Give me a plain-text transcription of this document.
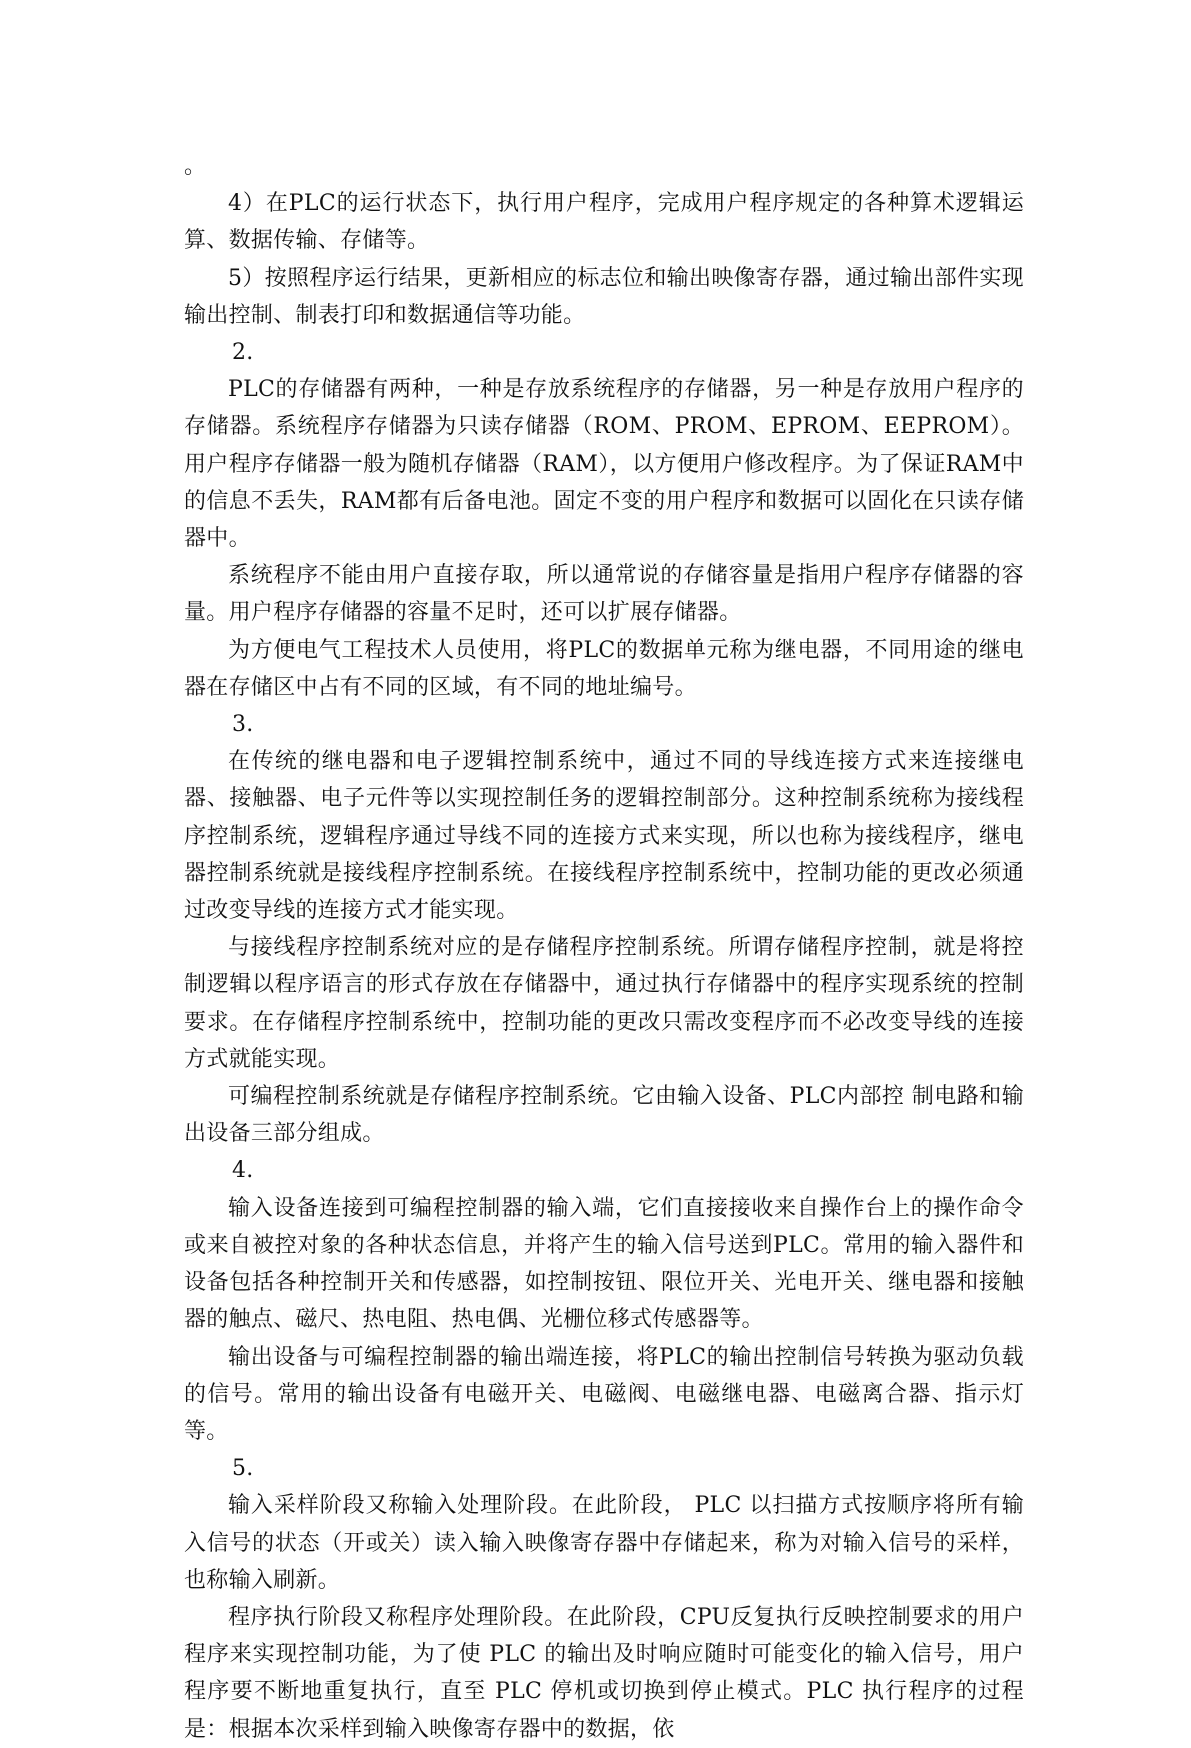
。

4）在PLC的运行状态下，执行用户程序，完成用户程序规定的各种算术逻辑运算、数据传输、存储等。

5）按照程序运行结果，更新相应的标志位和输出映像寄存器，通过输出部件实现输出控制、制表打印和数据通信等功能。

2.

PLC的存储器有两种，一种是存放系统程序的存储器，另一种是存放用户程序的存储器。系统程序存储器为只读存储器（ROM、PROM、EPROM、EEPROM）。用户程序存储器一般为随机存储器（RAM），以方便用户修改程序。为了保证RAM中的信息不丢失，RAM都有后备电池。固定不变的用户程序和数据可以固化在只读存储器中。

系统程序不能由用户直接存取，所以通常说的存储容量是指用户程序存储器的容量。用户程序存储器的容量不足时，还可以扩展存储器。

为方便电气工程技术人员使用，将PLC的数据单元称为继电器，不同用途的继电器在存储区中占有不同的区域，有不同的地址编号。

3.

在传统的继电器和电子逻辑控制系统中，通过不同的导线连接方式来连接继电器、接触器、电子元件等以实现控制任务的逻辑控制部分。这种控制系统称为接线程序控制系统，逻辑程序通过导线不同的连接方式来实现，所以也称为接线程序，继电器控制系统就是接线程序控制系统。在接线程序控制系统中，控制功能的更改必须通过改变导线的连接方式才能实现。

与接线程序控制系统对应的是存储程序控制系统。所谓存储程序控制，就是将控制逻辑以程序语言的形式存放在存储器中，通过执行存储器中的程序实现系统的控制要求。在存储程序控制系统中，控制功能的更改只需改变程序而不必改变导线的连接方式就能实现。

可编程控制系统就是存储程序控制系统。它由输入设备、PLC内部控 制电路和输出设备三部分组成。

4.

输入设备连接到可编程控制器的输入端，它们直接接收来自操作台上的操作命令或来自被控对象的各种状态信息，并将产生的输入信号送到PLC。常用的输入器件和设备包括各种控制开关和传感器，如控制按钮、限位开关、光电开关、继电器和接触器的触点、磁尺、热电阻、热电偶、光栅位移式传感器等。

输出设备与可编程控制器的输出端连接，将PLC的输出控制信号转换为驱动负载的信号。常用的输出设备有电磁开关、电磁阀、电磁继电器、电磁离合器、指示灯等。

5.

输入采样阶段又称输入处理阶段。在此阶段， PLC 以扫描方式按顺序将所有输入信号的状态（开或关）读入输入映像寄存器中存储起来，称为对输入信号的采样，也称输入刷新。

程序执行阶段又称程序处理阶段。在此阶段，CPU反复执行反映控制要求的用户程序来实现控制功能，为了使 PLC 的输出及时响应随时可能变化的输入信号，用户程序要不断地重复执行，直至 PLC 停机或切换到停止模式。PLC 执行程序的过程是：根据本次采样到输入映像寄存器中的数据，依
